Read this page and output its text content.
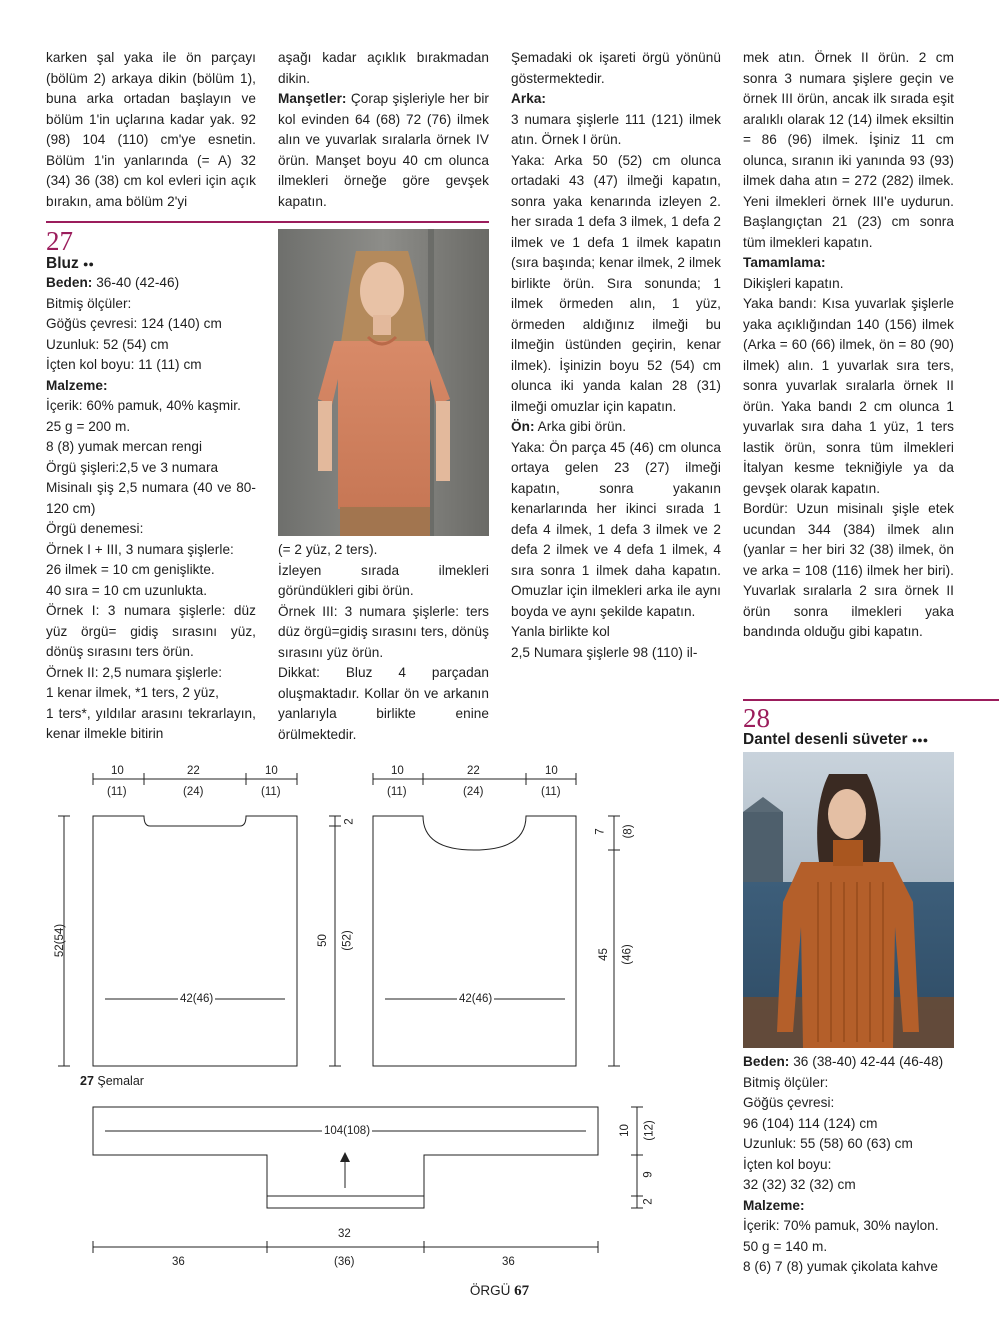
karken şal yaka ile ön parçayı (bölüm 2) arkaya dikin (bölüm 1), buna arka ortadan başlayın ve bölüm 1'in uçlarına kadar yak. 92 (98) 104 (110) cm'ye esnetin. Bölüm 1'in yanlarında (= A) 32 (34) 36 (38) cm kol evleri için açık bırakın, ama bölüm 2'yi

aşağı kadar açıklık bırakmadan dikin.

Manşetler: Çorap şişleriyle her bir kol evinden 64 (68) 72 (76) ilmek alın ve yuvarlak sıralarla örnek IV örün. Manşet boyu 40 cm olunca ilmekleri örneğe göre gevşek kapatın.

27
Bluz ●●

Beden: 36-40 (42-46)

Bitmiş ölçüler:

Göğüs çevresi: 124 (140) cm

Uzunluk: 52 (54) cm

İçten kol boyu: 11 (11) cm

Malzeme:

İçerik: 60% pamuk, 40% kaşmir.

25 g = 200 m.

8 (8) yumak mercan rengi

Örgü şişleri:2,5 ve 3 numara

Misinalı şiş 2,5 numara (40 ve 80-120 cm)

Örgü denemesi:

Örnek I + III, 3 numara şişlerle:

26 ilmek = 10 cm genişlikte.

40 sıra = 10 cm uzunlukta.

Örnek I: 3 numara şişlerle: düz yüz örgü= gidiş sırasını yüz, dönüş sırasını ters örün.

Örnek II: 2,5 numara şişlerle:

1 kenar ilmek, *1 ters, 2 yüz,

1 ters*, yıldılar arasını tekrarlayın, kenar ilmekle bitirin

(= 2 yüz, 2 ters).

İzleyen sırada ilmekleri göründükleri gibi örün.

Örnek III: 3 numara şişlerle: ters düz örgü=gidiş sırasını ters, dönüş sırasını yüz örün.

Dikkat: Bluz 4 parçadan oluşmaktadır. Kollar ön ve arkanın yanlarıyla birlikte enine örülmektedir.

Şemadaki ok işareti örgü yönünü göstermektedir.

Arka:

3 numara şişlerle 111 (121) ilmek atın. Örnek I örün.

Yaka: Arka 50 (52) cm olunca ortadaki 43 (47) ilmeği kapatın, sonra yaka kenarında izleyen 2. her sırada 1 defa 3 ilmek, 1 defa 2 ilmek ve 1 defa 1 ilmek kapatın (sıra başında; kenar ilmek, 2 ilmek birlikte örün. Sıra sonunda; 1 ilmek örmeden alın, 1 yüz, örmeden aldığınız ilmeği bu ilmeğin üstünden geçirin, kenar ilmek). İşinizin boyu 52 (54) cm olunca iki yanda kalan 28 (31) ilmeği omuzlar için kapatın.

Ön: Arka gibi örün.

Yaka: Ön parça 45 (46) cm olunca ortaya gelen 23 (27) ilmeği kapatın, sonra yakanın kenarlarında her ikinci sırada 1 defa 4 ilmek, 1 defa 3 ilmek ve 2 defa 2 ilmek ve 4 defa 1 ilmek, 4 sıra sonra 1 ilmek daha kapatın. Omuzlar için ilmekleri arka ile aynı boyda ve aynı şekilde kapatın.

Yanla birlikte kol

2,5 Numara şişlerle 98 (110) il-

mek atın. Örnek II örün. 2 cm sonra 3 numara şişlere geçin ve örnek III örün, ancak ilk sırada eşit aralıklı olarak 12 (14) ilmek eksiltin = 86 (96) ilmek. İşiniz 11 cm olunca, sıranın iki yanında 93 (93) ilmek daha atın = 272 (282) ilmek. Yeni ilmekleri örnek III'e uydurun. Başlangıçtan 21 (23) cm sonra tüm ilmekleri kapatın.

Tamamlama:

Dikişleri kapatın.

Yaka bandı: Kısa yuvarlak şişlerle yaka açıklığından 140 (156) ilmek (Arka = 60 (66) ilmek, ön = 80 (90) ilmek) alın. 1 yuvarlak sıra ters, sonra yuvarlak sıralarla örnek II örün. Yaka bandı 2 cm olunca 1 yuvarlak sıra daha 1 yüz, 1 ters lastik örün, sonra tüm ilmekleri İtalyan kesme tekniğiyle ya da gevşek olarak kapatın.

Bordür: Uzun misinalı şişle etek ucundan 344 (384) ilmek alın (yanlar = her biri 32 (38) ilmek, ön ve arka = 108 (116) ilmek her biri). Yuvarlak sıralarla 2 sıra örnek II örün sonra ilmekleri yaka bandında olduğu gibi kapatın.

28
Dantel desenli süveter ●●●

Beden: 36 (38-40) 42-44 (46-48)

Bitmiş ölçüler:

Göğüs çevresi:

96 (104) 114 (124) cm

Uzunluk: 55 (58) 60 (63) cm

İçten kol boyu:

32 (32) 32 (32) cm

Malzeme:

İçerik: 70% pamuk, 30% naylon.

50 g = 140 m.

8 (6) 7 (8) yumak çikolata kahve

10	22	10
(11)	(24)	(11)
2
52(54)
42(46)
10	22	10
(11)	(24)	(11)
50 (52)
7 (8)
45 (46)
42(46)
27 Şemalar
104(108)	10 (12)
9
2
32
36	(36)	36
ÖRGÜ 67
